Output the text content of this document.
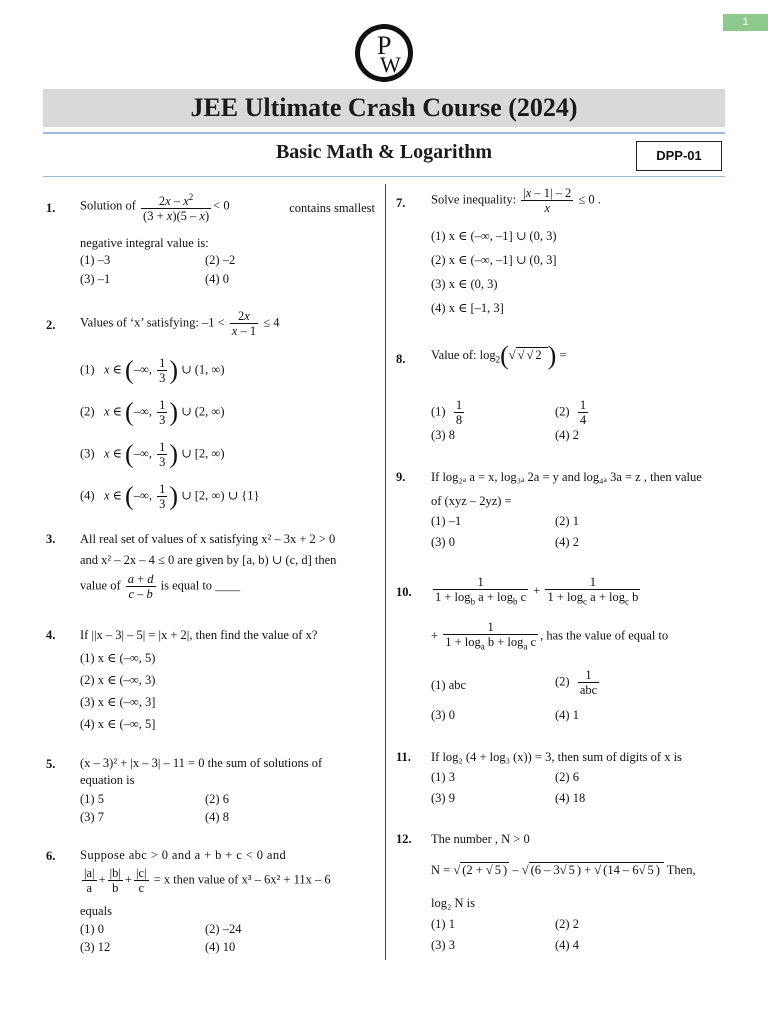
1
P
W
JEE Ultimate Crash Course (2024)
Basic Math & Logarithm	DPP-01
1. Solution of $\frac{2x - x^2}{(3 + x)(5 - x)} < 0$	contains smallest
negative integral value is:
(1) –3	(2) –2
(3) –1	(4) 0
2. Values of ‘x’ satisfying: $-1 < \frac{2x}{x - 1} \le 4$
(1) x ∈ (–∞, $\frac{1}{3}$ ) ∪ (1, ∞)
(2) x ∈ (–∞, $\frac{1}{3}$ ) ∪ (2, ∞)
(3) x ∈ (–∞, $\frac{1}{3}$ ) ∪ [2, ∞)
(4) x ∈ (–∞, $\frac{1}{3}$ ) ∪ [2, ∞) ∪ {1}
3. All real set of values of x satisfying x² – 3x + 2 > 0
and x² – 2x – 4 ≤ 0 are given by [a, b) ∪ (c, d] then
value of $\frac{a + d}{c - b}$ is equal to ____
4. If ||x – 3| – 5| = |x + 2|, then find the value of x?
(1) x ∈ (–∞, 5)
(2) x ∈ (–∞, 3)
(3) x ∈ (–∞, 3]
(4) x ∈ (–∞, 5]
5. (x – 3)² + |x – 3| – 11 = 0 the sum of solutions of
equation is
(1) 5	(2) 6
(3) 7	(4) 8
6. Suppose abc > 0 and a + b + c < 0 and
$\frac{|a|}{a} + \frac{|b|}{b} + \frac{|c|}{c} = x$ then value of x³ – 6x² + 11x – 6
equals
(1) 0	(2) –24
(3) 12	(4) 10
7. Solve inequality: $\frac{|x - 1| - 2}{x} \le 0$ .
(1) x ∈ (–∞, –1] ∪ (0, 3)
(2) x ∈ (–∞, –1] ∪ (0, 3]
(3) x ∈ (0, 3)
(4) x ∈ [–1, 3]
8. Value of: $\log_2(√$ √ √ 2 ) =
$(1) \frac{1}{8}$	$(2) \frac{1}{4}$
(3) 8	(4) 2
9. If log₂ₐ a = x, log₃ₐ 2a = y and log₄ₐ 3a = z , then value
of (xyz – 2yz) =
(1) –1	(2) 1
(3) 0	(4) 2
10. $\frac{1}{1 + \log_b a + \log_b c} + \frac{1}{1 + \log_c a + \log_c b}$
+ $\frac{1}{1 + \log_a b + \log_a c}$ , has the value of equal to
(1) abc	$(2) \frac{1}{\text{abc}}$
(3) 0	(4) 1
11. If log₂ (4 + log₃ (x)) = 3, then sum of digits of x is
(1) 3	(2) 6
(3) 9	(4) 18
12. The number , N > 0
N = √ (2 + √ 5 ) – √ (6 – 3√ 5 ) + √ (14 – 6√ 5 ) Then,
log₂ N is
(1) 1	(2) 2
(3) 3	(4) 4
